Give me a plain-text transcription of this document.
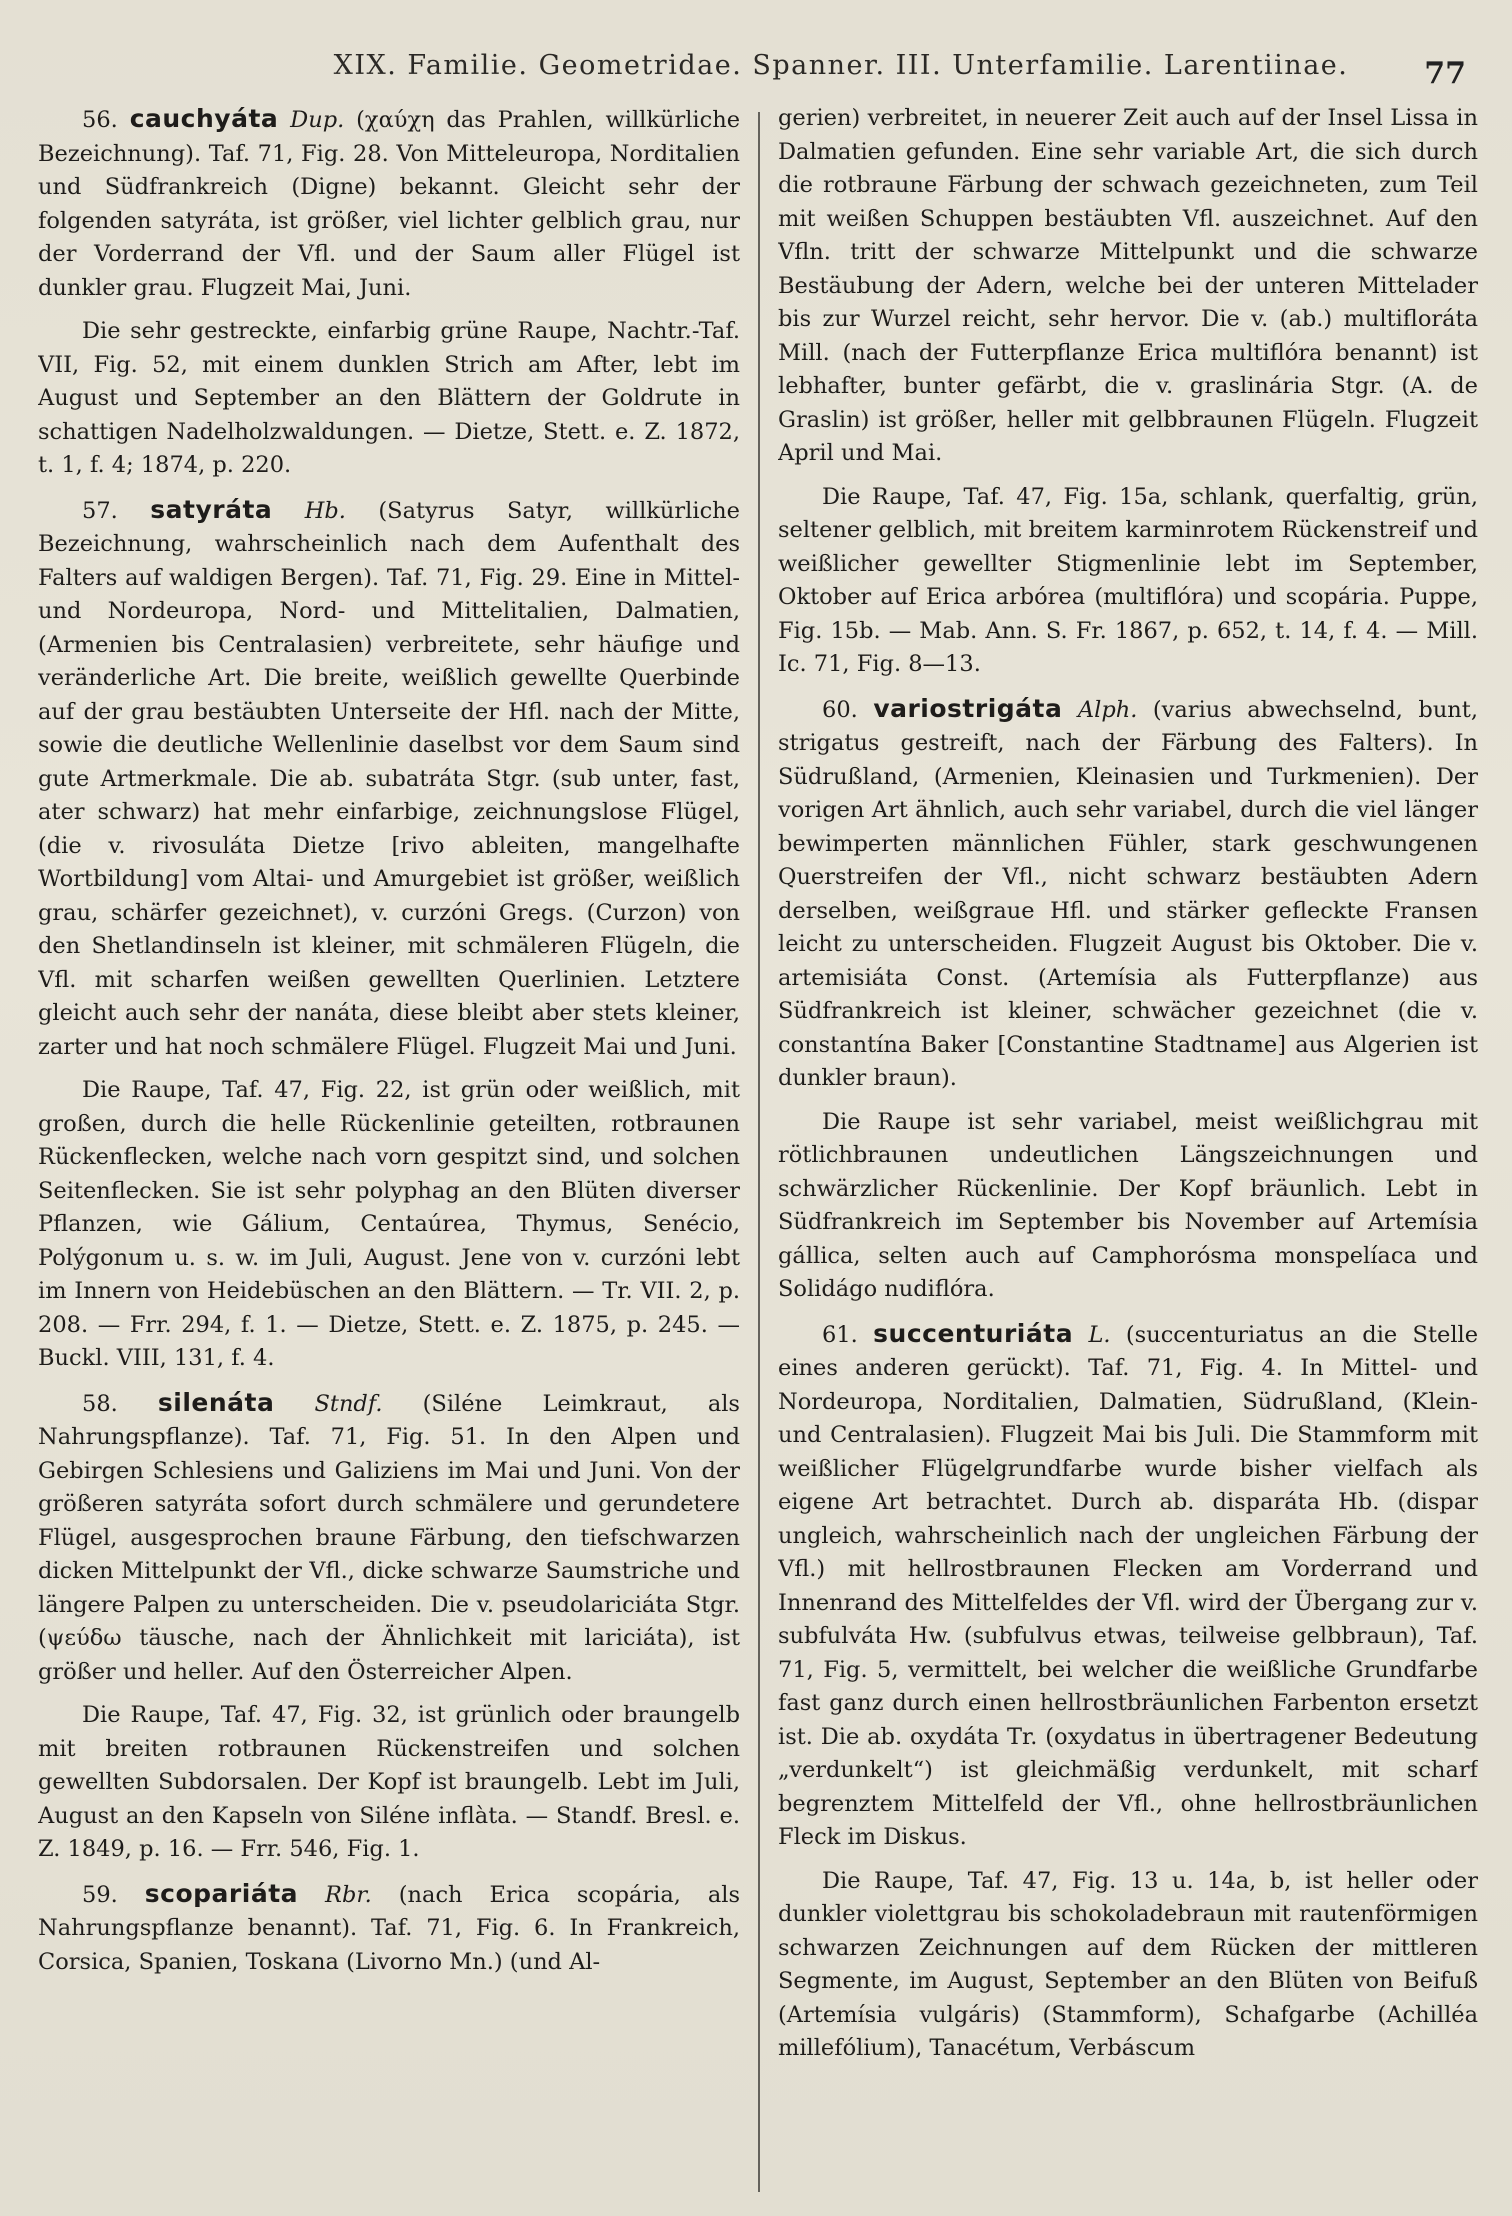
XIX. Familie. Geometridae. Spanner. III. Unterfamilie. Larentiinae.	77

56. cauchyáta Dup. (χαύχη das Prahlen, willkürliche Bezeichnung). Taf. 71, Fig. 28. Von Mitteleuropa, Norditalien und Südfrankreich (Digne) bekannt. Gleicht sehr der folgenden satyráta, ist größer, viel lichter gelblich grau, nur der Vorderrand der Vfl. und der Saum aller Flügel ist dunkler grau. Flugzeit Mai, Juni.

Die sehr gestreckte, einfarbig grüne Raupe, Nachtr.-Taf. VII, Fig. 52, mit einem dunklen Strich am After, lebt im August und September an den Blättern der Goldrute in schattigen Nadelholzwaldungen. — Dietze, Stett. e. Z. 1872, t. 1, f. 4; 1874, p. 220.

57. satyráta Hb. (Satyrus Satyr, willkürliche Bezeichnung, wahrscheinlich nach dem Aufenthalt des Falters auf waldigen Bergen). Taf. 71, Fig. 29. Eine in Mittel- und Nordeuropa, Nord- und Mittelitalien, Dalmatien, (Armenien bis Centralasien) verbreitete, sehr häufige und veränderliche Art. Die breite, weißlich gewellte Querbinde auf der grau bestäubten Unterseite der Hfl. nach der Mitte, sowie die deutliche Wellenlinie daselbst vor dem Saum sind gute Artmerkmale. Die ab. subatráta Stgr. (sub unter, fast, ater schwarz) hat mehr einfarbige, zeichnungslose Flügel, (die v. rivosuláta Dietze [rivo ableiten, mangelhafte Wortbildung] vom Altai- und Amurgebiet ist größer, weißlich grau, schärfer gezeichnet), v. curzóni Gregs. (Curzon) von den Shetlandinseln ist kleiner, mit schmäleren Flügeln, die Vfl. mit scharfen weißen gewellten Querlinien. Letztere gleicht auch sehr der nanáta, diese bleibt aber stets kleiner, zarter und hat noch schmälere Flügel. Flugzeit Mai und Juni.

Die Raupe, Taf. 47, Fig. 22, ist grün oder weißlich, mit großen, durch die helle Rückenlinie geteilten, rotbraunen Rückenflecken, welche nach vorn gespitzt sind, und solchen Seitenflecken. Sie ist sehr polyphag an den Blüten diverser Pflanzen, wie Gálium, Centaúrea, Thymus, Senécio, Polýgonum u. s. w. im Juli, August. Jene von v. curzóni lebt im Innern von Heidebüschen an den Blättern. — Tr. VII. 2, p. 208. — Frr. 294, f. 1. — Dietze, Stett. e. Z. 1875, p. 245. — Buckl. VIII, 131, f. 4.

58. silenáta Stndf. (Siléne Leimkraut, als Nahrungspflanze). Taf. 71, Fig. 51. In den Alpen und Gebirgen Schlesiens und Galiziens im Mai und Juni. Von der größeren satyráta sofort durch schmälere und gerundetere Flügel, ausgesprochen braune Färbung, den tiefschwarzen dicken Mittelpunkt der Vfl., dicke schwarze Saumstriche und längere Palpen zu unterscheiden. Die v. pseudolariciáta Stgr. (ψεύδω täusche, nach der Ähnlichkeit mit lariciáta), ist größer und heller. Auf den Österreicher Alpen.

Die Raupe, Taf. 47, Fig. 32, ist grünlich oder braungelb mit breiten rotbraunen Rückenstreifen und solchen gewellten Subdorsalen. Der Kopf ist braungelb. Lebt im Juli, August an den Kapseln von Siléne inflàta. — Standf. Bresl. e. Z. 1849, p. 16. — Frr. 546, Fig. 1.

59. scopariáta Rbr. (nach Erica scopária, als Nahrungspflanze benannt). Taf. 71, Fig. 6. In Frankreich, Corsica, Spanien, Toskana (Livorno Mn.) (und Al-

gerien) verbreitet, in neuerer Zeit auch auf der Insel Lissa in Dalmatien gefunden. Eine sehr variable Art, die sich durch die rotbraune Färbung der schwach gezeichneten, zum Teil mit weißen Schuppen bestäubten Vfl. auszeichnet. Auf den Vfln. tritt der schwarze Mittelpunkt und die schwarze Bestäubung der Adern, welche bei der unteren Mittelader bis zur Wurzel reicht, sehr hervor. Die v. (ab.) multifloráta Mill. (nach der Futterpflanze Erica multiflóra benannt) ist lebhafter, bunter gefärbt, die v. graslinária Stgr. (A. de Graslin) ist größer, heller mit gelbbraunen Flügeln. Flugzeit April und Mai.

Die Raupe, Taf. 47, Fig. 15a, schlank, querfaltig, grün, seltener gelblich, mit breitem karminrotem Rückenstreif und weißlicher gewellter Stigmenlinie lebt im September, Oktober auf Erica arbórea (multiflóra) und scopária. Puppe, Fig. 15b. — Mab. Ann. S. Fr. 1867, p. 652, t. 14, f. 4. — Mill. Ic. 71, Fig. 8—13.

60. variostrigáta Alph. (varius abwechselnd, bunt, strigatus gestreift, nach der Färbung des Falters). In Südrußland, (Armenien, Kleinasien und Turkmenien). Der vorigen Art ähnlich, auch sehr variabel, durch die viel länger bewimperten männlichen Fühler, stark geschwungenen Querstreifen der Vfl., nicht schwarz bestäubten Adern derselben, weißgraue Hfl. und stärker gefleckte Fransen leicht zu unterscheiden. Flugzeit August bis Oktober. Die v. artemisiáta Const. (Artemísia als Futterpflanze) aus Südfrankreich ist kleiner, schwächer gezeichnet (die v. constantína Baker [Constantine Stadtname] aus Algerien ist dunkler braun).

Die Raupe ist sehr variabel, meist weißlichgrau mit rötlichbraunen undeutlichen Längszeichnungen und schwärzlicher Rückenlinie. Der Kopf bräunlich. Lebt in Südfrankreich im September bis November auf Artemísia gállica, selten auch auf Camphorósma monspelíaca und Solidágo nudiflóra.

61. succenturiáta L. (succenturiatus an die Stelle eines anderen gerückt). Taf. 71, Fig. 4. In Mittel- und Nordeuropa, Norditalien, Dalmatien, Südrußland, (Klein- und Centralasien). Flugzeit Mai bis Juli. Die Stammform mit weißlicher Flügelgrundfarbe wurde bisher vielfach als eigene Art betrachtet. Durch ab. disparáta Hb. (dispar ungleich, wahrscheinlich nach der ungleichen Färbung der Vfl.) mit hellrostbraunen Flecken am Vorderrand und Innenrand des Mittelfeldes der Vfl. wird der Übergang zur v. subfulváta Hw. (subfulvus etwas, teilweise gelbbraun), Taf. 71, Fig. 5, vermittelt, bei welcher die weißliche Grundfarbe fast ganz durch einen hellrostbräunlichen Farbenton ersetzt ist. Die ab. oxydáta Tr. (oxydatus in übertragener Bedeutung „verdunkelt“) ist gleichmäßig verdunkelt, mit scharf begrenztem Mittelfeld der Vfl., ohne hellrostbräunlichen Fleck im Diskus.

Die Raupe, Taf. 47, Fig. 13 u. 14a, b, ist heller oder dunkler violettgrau bis schokoladebraun mit rautenförmigen schwarzen Zeichnungen auf dem Rücken der mittleren Segmente, im August, September an den Blüten von Beifuß (Artemísia vulgáris) (Stammform), Schafgarbe (Achilléa millefólium), Tanacétum, Verbáscum
